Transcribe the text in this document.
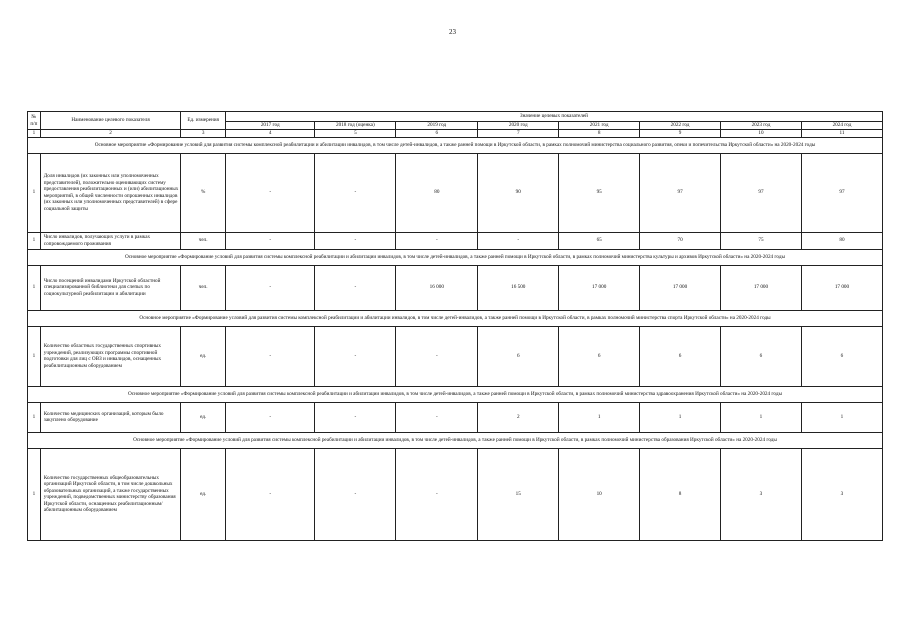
23
№ п/п	Наименование целевого показателя	Ед. измерения	Значение целевых показателей							
			2017 год	2018 год (оценка)	2019 год	2020 год	2021 год	2022 год	2023 год	2024 год
1	2	3	4	5	6	7	8	9	10	11
Основное мероприятие «Формирование условий для развития системы комплексной реабилитации и абилитации инвалидов, в том числе детей-инвалидов, а также ранней помощи в Иркутской области, в рамках полномочий министерства социального развития, опеки и попечительства Иркутской области» на 2020-2024 годы										
1	Доля инвалидов (их законных или уполномоченных представителей), положительно оценивающих систему предоставления реабилитационных и (или) абилитационных мероприятий, в общей численности опрошенных инвалидов (их законных или уполномоченных представителей) в сфере социальной защиты	%	-	-	80	90	95	97	97	97
1	Число инвалидов, получающих услуги в рамках сопровождаемого проживания	чел.	-	-	-	-	65	70	75	80
Основное мероприятие «Формирование условий для развития системы комплексной реабилитации и абилитации инвалидов, в том числе детей-инвалидов, а также ранней помощи в Иркутской области, в рамках полномочий министерства культуры и архивов Иркутской области» на 2020-2024 годы										
1	Число посещений инвалидами Иркутской областной специализированной библиотеки для слепых по социокультурной реабилитации и абилитации	чел.	-	-	16 000	16 500	17 000	17 000	17 000	17 000
Основное мероприятие «Формирование условий для развития системы комплексной реабилитации и абилитации инвалидов, в том числе детей-инвалидов, а также ранней помощи в Иркутской области, в рамках полномочий министерства спорта Иркутской области» на 2020-2024 годы										
1	Количество областных государственных спортивных учреждений, реализующих программы спортивной подготовки для лиц с ОВЗ и инвалидов, оснащенных реабилитационным оборудованием	ед.	-	-	-	6	6	6	6	6
Основное мероприятие «Формирование условий для развития системы комплексной реабилитации и абилитации инвалидов, в том числе детей-инвалидов, а также ранней помощи в Иркутской области, в рамках полномочий министерства здравоохранения Иркутской области» на 2020-2024 годы										
1	Количество медицинских организаций, которым было закуплено оборудование	ед.	-	-	-	2	1	1	1	1
Основное мероприятие «Формирование условий для развития системы комплексной реабилитации и абилитации инвалидов, в том числе детей-инвалидов, а также ранней помощи в Иркутской области, в рамках полномочий министерства образования Иркутской области» на 2020-2024 годы										
1	Количество государственных общеобразовательных организаций Иркутской области, в том числе дошкольных образовательных организаций, а также государственных учреждений, подведомственных министерству образования Иркутской области, оснащенных реабилитационным/абилитационным оборудованием	ед.	-	-	-	15	10	8	3	3
